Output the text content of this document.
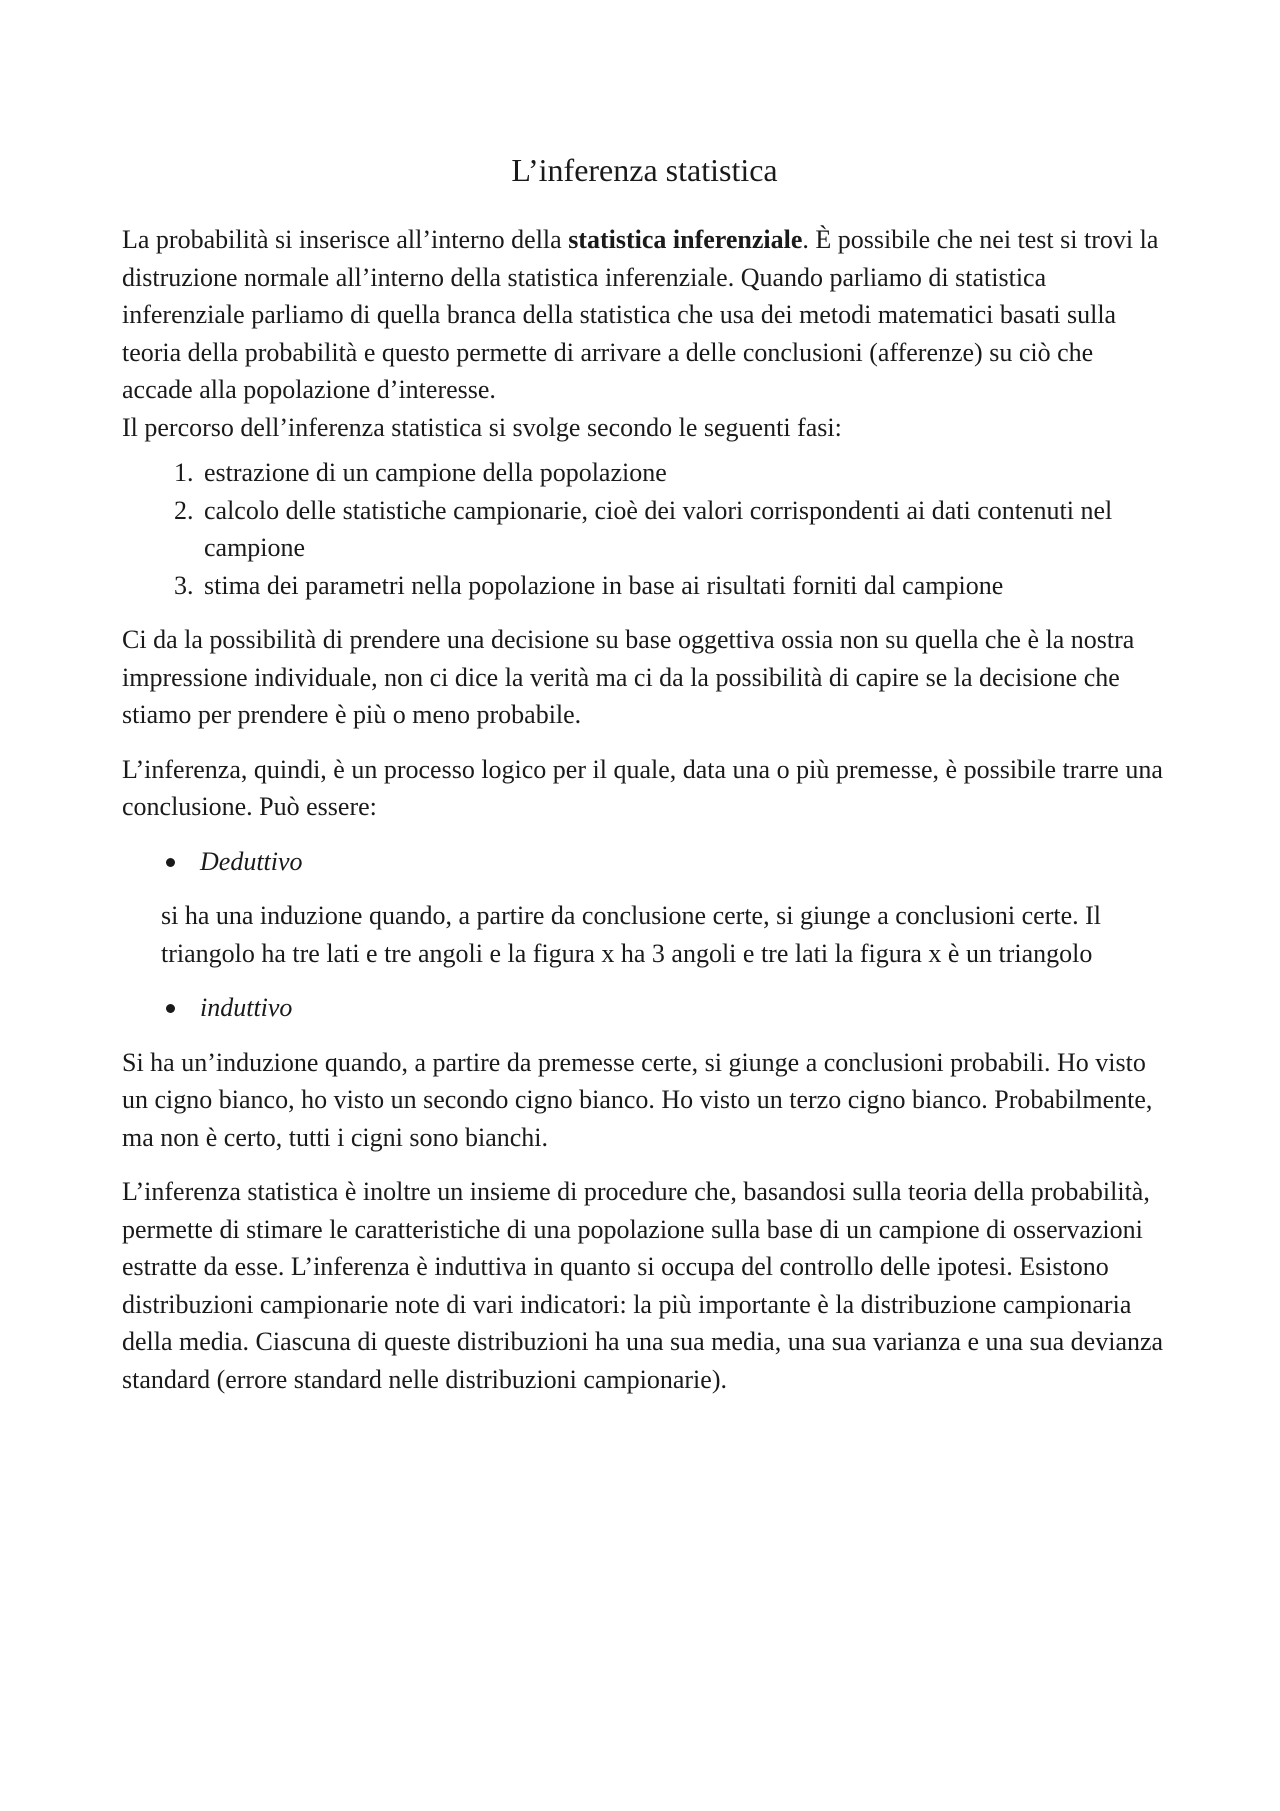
L’inferenza statistica

La probabilità si inserisce all’interno della statistica inferenziale. È possibile che nei test si trovi la distruzione normale all’interno della statistica inferenziale. Quando parliamo di statistica inferenziale parliamo di quella branca della statistica che usa dei metodi matematici basati sulla teoria della probabilità e questo permette di arrivare a delle conclusioni (afferenze) su ciò che accade alla popolazione d’interesse.

Il percorso dell’inferenza statistica si svolge secondo le seguenti fasi:

1. estrazione di un campione della popolazione
2. calcolo delle statistiche campionarie, cioè dei valori corrispondenti ai dati contenuti nel campione
3. stima dei parametri nella popolazione in base ai risultati forniti dal campione

Ci da la possibilità di prendere una decisione su base oggettiva ossia non su quella che è la nostra impressione individuale, non ci dice la verità ma ci da la possibilità di capire se la decisione che stiamo per prendere è più o meno probabile.

L’inferenza, quindi, è un processo logico per il quale, data una o più premesse, è possibile trarre una conclusione. Può essere:

Deduttivo

si ha una induzione quando, a partire da conclusione certe, si giunge a conclusioni certe. Il triangolo ha tre lati e tre angoli e la figura x ha 3 angoli e tre lati la figura x è un triangolo

induttivo

Si ha un’induzione quando, a partire da premesse certe, si giunge a conclusioni probabili. Ho visto un cigno bianco, ho visto un secondo cigno bianco. Ho visto un terzo cigno bianco. Probabilmente, ma non è certo, tutti i cigni sono bianchi.

L’inferenza statistica è inoltre un insieme di procedure che, basandosi sulla teoria della probabilità, permette di stimare le caratteristiche di una popolazione sulla base di un campione di osservazioni estratte da esse. L’inferenza è induttiva in quanto si occupa del controllo delle ipotesi. Esistono distribuzioni campionarie note di vari indicatori: la più importante è la distribuzione campionaria della media. Ciascuna di queste distribuzioni ha una sua media, una sua varianza e una sua devianza standard (errore standard nelle distribuzioni campionarie).
